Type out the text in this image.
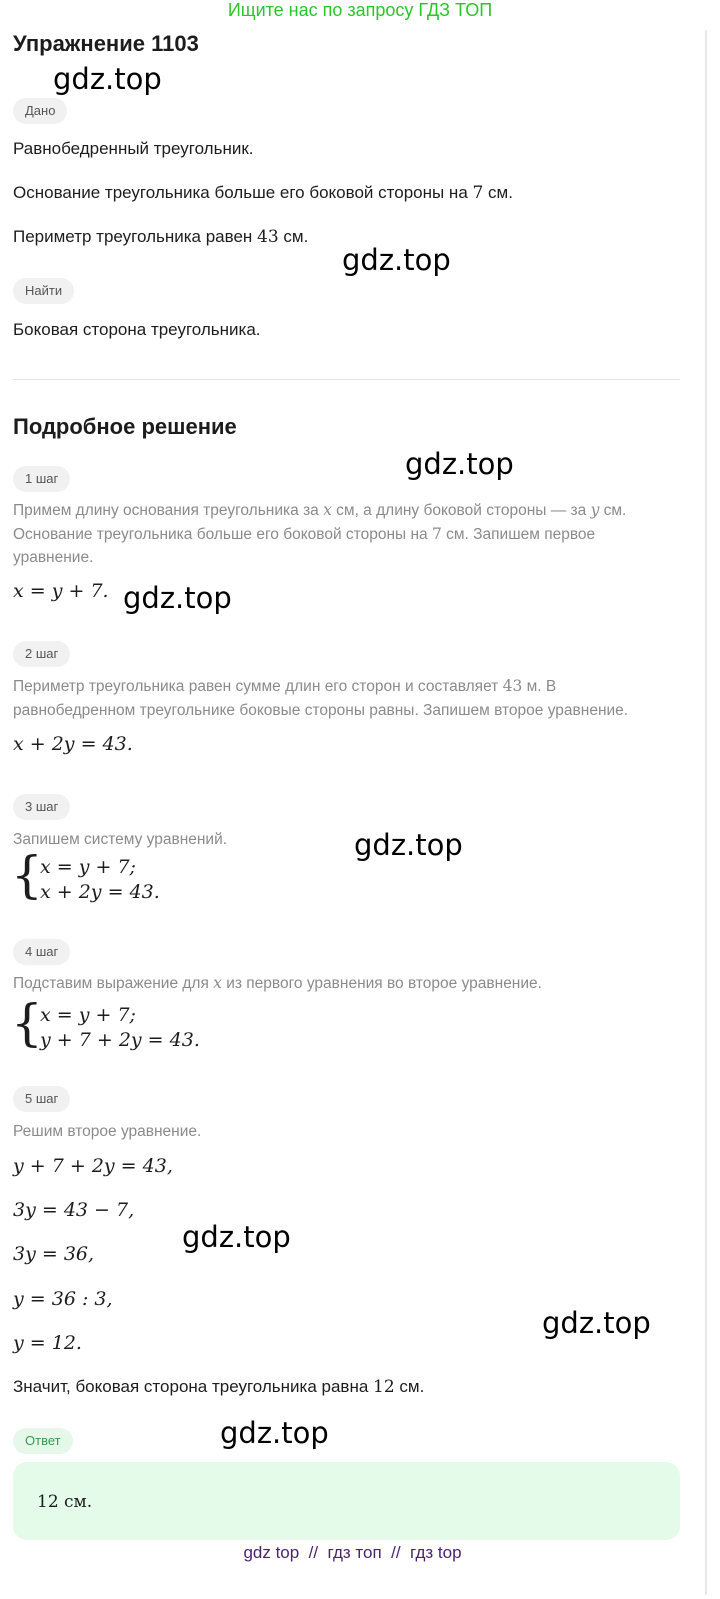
Ищите нас по запросу ГДЗ ТОП
Упражнение 1103
gdz.top
Дано
Равнобедренный треугольник.
Основание треугольника больше его боковой стороны на 7 см.
Периметр треугольника равен 43 см.
gdz.top
Найти
Боковая сторона треугольника.
Подробное решение
gdz.top
1 шаг
Примем длину основания треугольника за x см, а длину боковой стороны — за y см.
Основание треугольника больше его боковой стороны на 7 см. Запишем первое
уравнение.
x = y + 7. gdz.top
2 шаг
Периметр треугольника равен сумме длин его сторон и составляет 43 м. В
равнобедренном треугольнике боковые стороны равны. Запишем второе уравнение.
x + 2y = 43.
3 шаг
Запишем систему уравнений.	gdz.top
{
x = y + 7;
x + 2y = 43.
4 шаг
Подставим выражение для x из первого уравнения во второе уравнение.
{
x = y + 7;
y + 7 + 2y = 43.
5 шаг
Решим второе уравнение.
y + 7 + 2y = 43,
3y = 43 − 7,
3y = 36,	gdz.top
y = 36 : 3,
y = 12.
gdz.top
Значит, боковая сторона треугольника равна 12 см.
Ответ	gdz.top
12 см.
gdz top  //  гдз топ  //  гдз top
